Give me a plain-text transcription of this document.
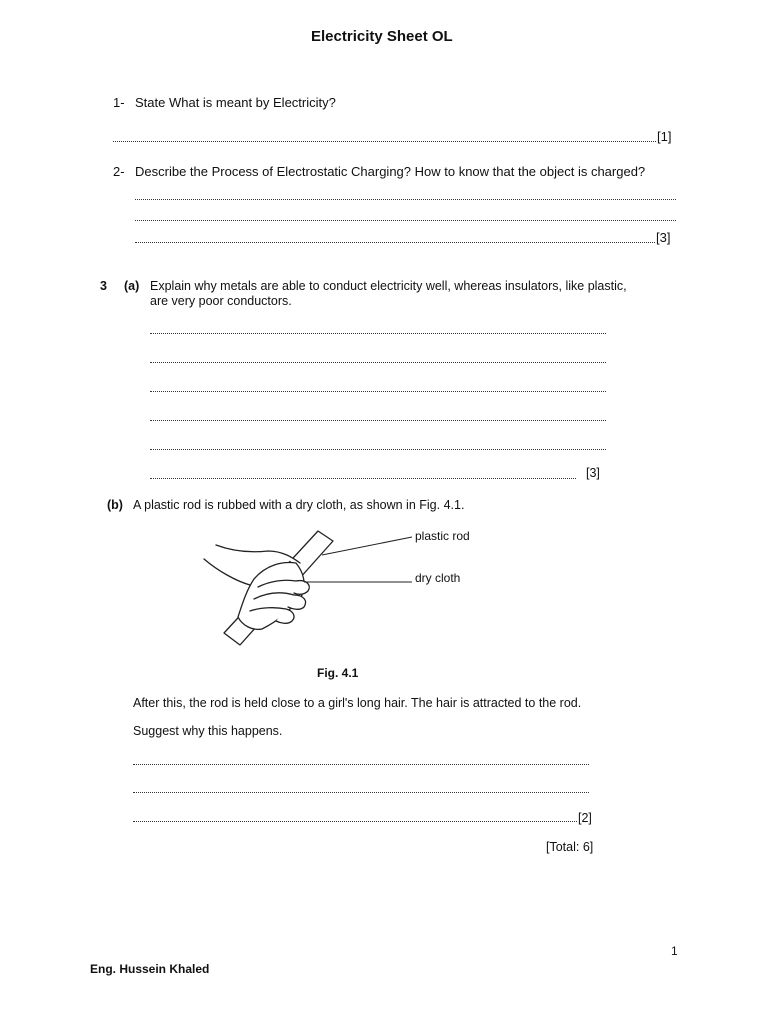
Electricity Sheet OL
1- State What is meant by Electricity?
[1]
2- Describe the Process of Electrostatic Charging? How to know that the object is charged?
[3]
3 (a) Explain why metals are able to conduct electricity well, whereas insulators, like plastic,
are very poor conductors.
[3]
(b) A plastic rod is rubbed with a dry cloth, as shown in Fig. 4.1.
plastic rod
dry cloth
Fig. 4.1
After this, the rod is held close to a girl's long hair. The hair is attracted to the rod.
Suggest why this happens.
[2]
[Total: 6]
1
Eng. Hussein Khaled
